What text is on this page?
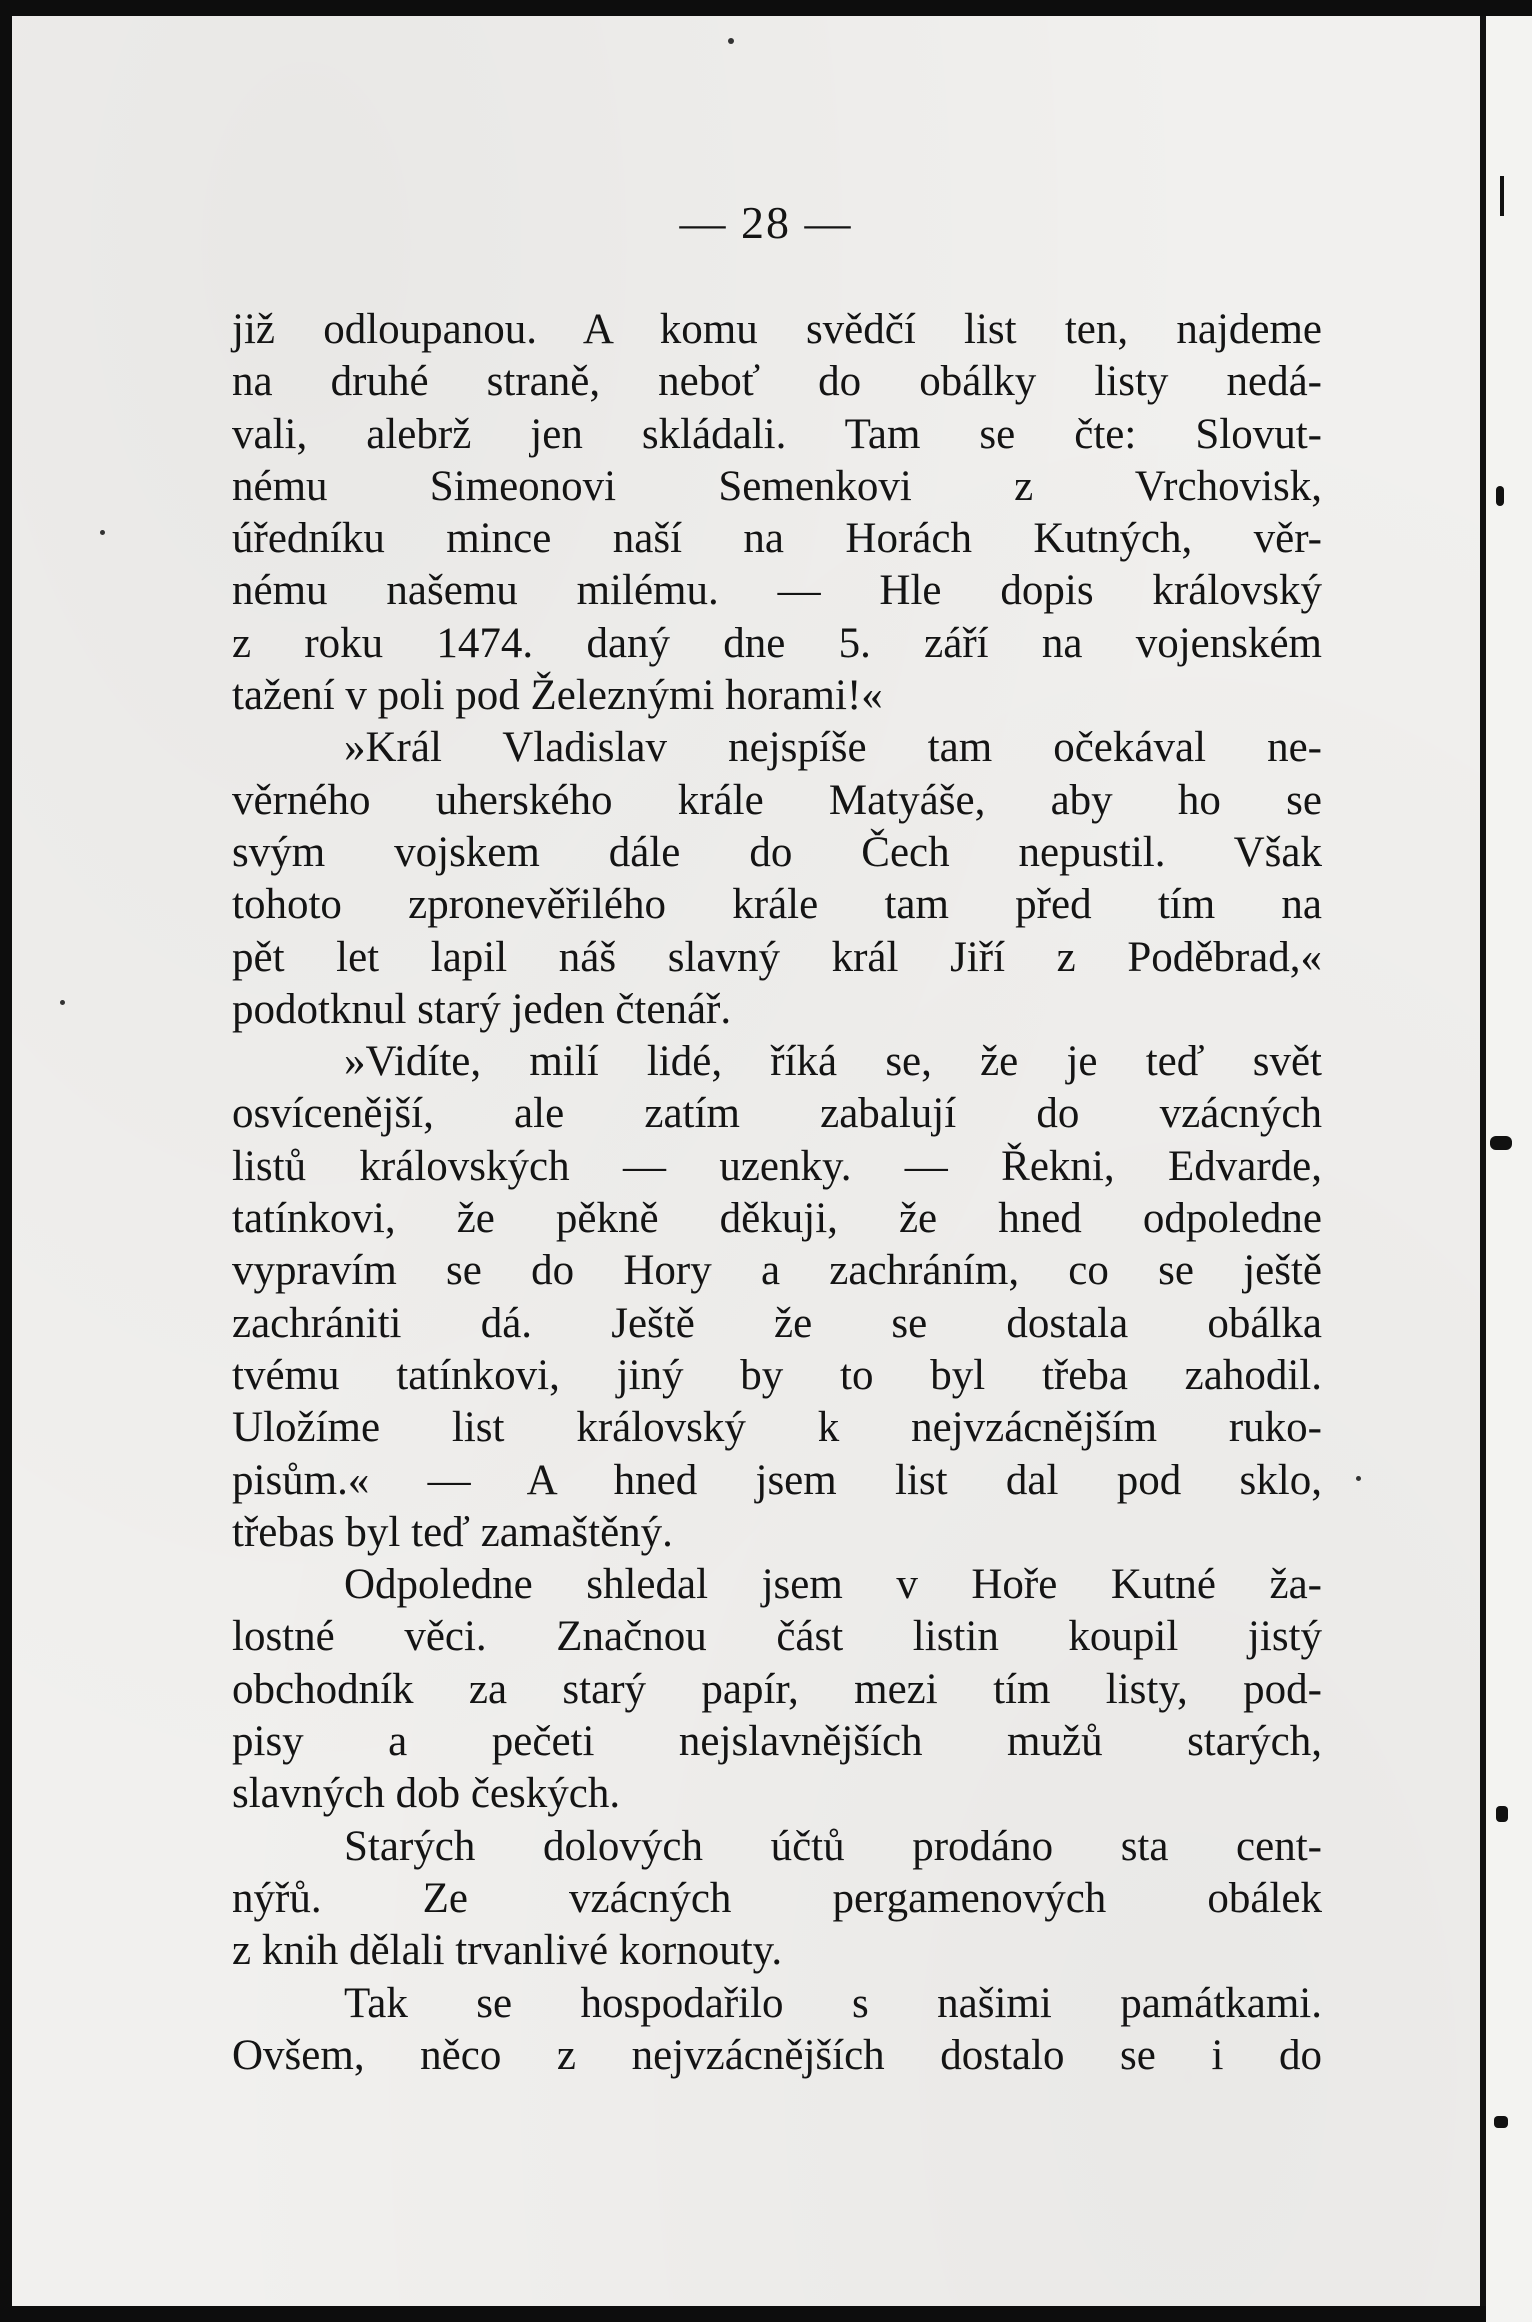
— 28 —
již odloupanou. A komu svědčí list ten, najdeme
na druhé straně, neboť do obálky listy nedá-
vali, alebrž jen skládali. Tam se čte: Slovut-
nému Simeonovi Semenkovi z Vrchovisk,
úředníku mince naší na Horách Kutných, věr-
nému našemu milému. — Hle dopis královský
z roku 1474. daný dne 5. září na vojenském
tažení v poli pod Železnými horami!«
»Král Vladislav nejspíše tam očekával ne-
věrného uherského krále Matyáše, aby ho se
svým vojskem dále do Čech nepustil. Však
tohoto zpronevěřilého krále tam před tím na
pět let lapil náš slavný král Jiří z Poděbrad,«
podotknul starý jeden čtenář.
»Vidíte, milí lidé, říká se, že je teď svět
osvícenější, ale zatím zabalují do vzácných
listů královských — uzenky. — Řekni, Edvarde,
tatínkovi, že pěkně děkuji, že hned odpoledne
vypravím se do Hory a zachráním, co se ještě
zachrániti dá. Ještě že se dostala obálka
tvému tatínkovi, jiný by to byl třeba zahodil.
Uložíme list královský k nejvzácnějším ruko-
pisům.« — A hned jsem list dal pod sklo,
třebas byl teď zamaštěný.
Odpoledne shledal jsem v Hoře Kutné ža-
lostné věci. Značnou část listin koupil jistý
obchodník za starý papír, mezi tím listy, pod-
pisy a pečeti nejslavnějších mužů starých,
slavných dob českých.
Starých dolových účtů prodáno sta cent-
nýřů. Ze vzácných pergamenových obálek
z knih dělali trvanlivé kornouty.
Tak se hospodařilo s našimi památkami.
Ovšem, něco z nejvzácnějších dostalo se i do
